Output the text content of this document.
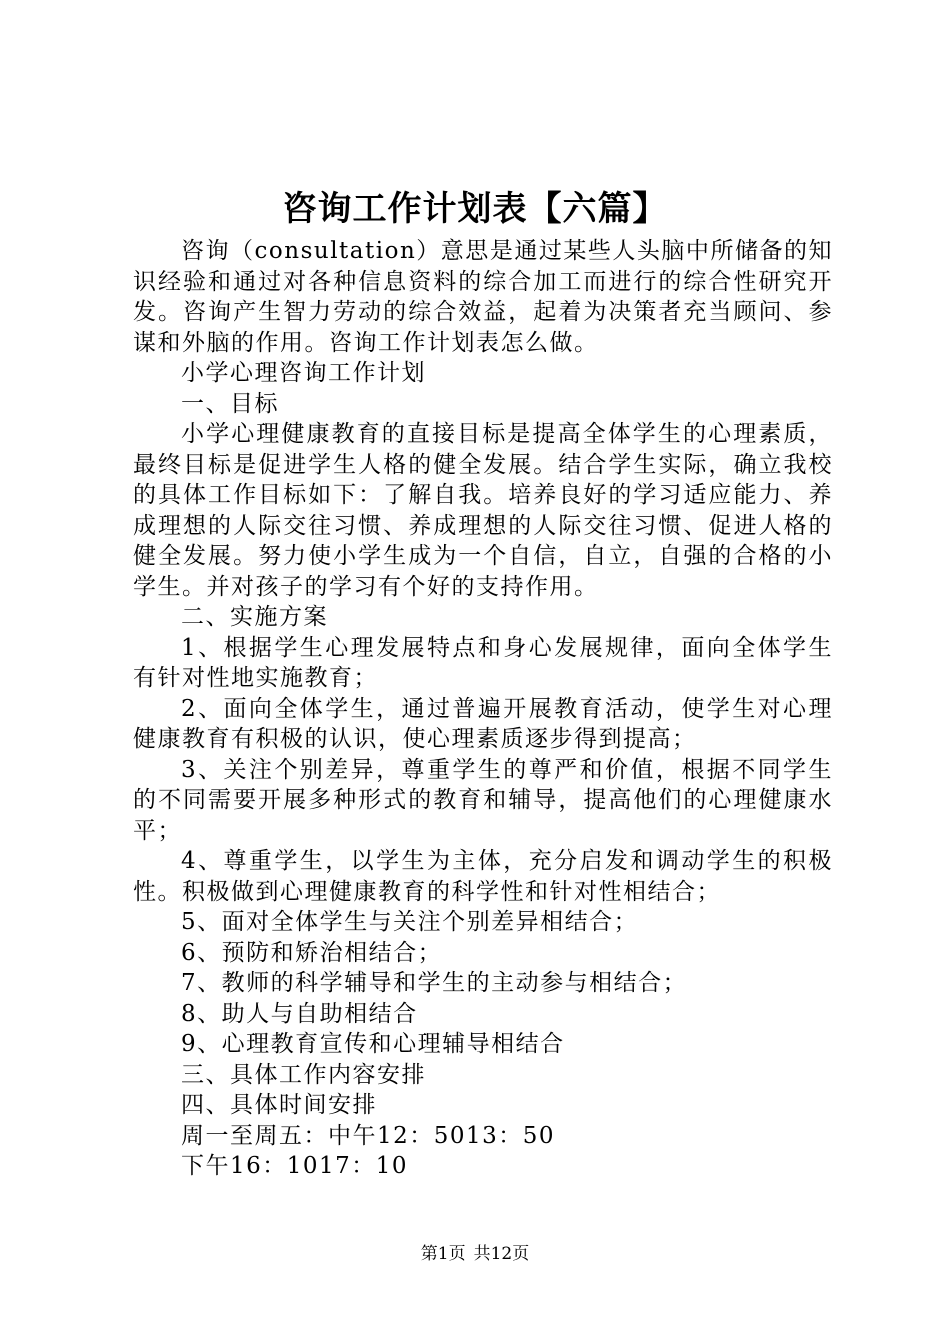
咨询工作计划表【六篇】

咨询（consultation）意思是通过某些人头脑中所储备的知识经验和通过对各种信息资料的综合加工而进行的综合性研究开发。咨询产生智力劳动的综合效益，起着为决策者充当顾问、参谋和外脑的作用。咨询工作计划表怎么做。

小学心理咨询工作计划

一、目标

小学心理健康教育的直接目标是提高全体学生的心理素质，最终目标是促进学生人格的健全发展。结合学生实际，确立我校的具体工作目标如下：了解自我。培养良好的学习适应能力、养成理想的人际交往习惯、养成理想的人际交往习惯、促进人格的健全发展。努力使小学生成为一个自信，自立，自强的合格的小学生。并对孩子的学习有个好的支持作用。

二、实施方案

1、根据学生心理发展特点和身心发展规律，面向全体学生有针对性地实施教育；

2、面向全体学生，通过普遍开展教育活动，使学生对心理健康教育有积极的认识，使心理素质逐步得到提高；

3、关注个别差异，尊重学生的尊严和价值，根据不同学生的不同需要开展多种形式的教育和辅导，提高他们的心理健康水平；

4、尊重学生，以学生为主体，充分启发和调动学生的积极性。积极做到心理健康教育的科学性和针对性相结合；

5、面对全体学生与关注个别差异相结合；

6、预防和矫治相结合；

7、教师的科学辅导和学生的主动参与相结合；

8、助人与自助相结合

9、心理教育宣传和心理辅导相结合

三、具体工作内容安排

四、具体时间安排

周一至周五：中午12：5013：50

下午16：1017：10

第1页 共12页
